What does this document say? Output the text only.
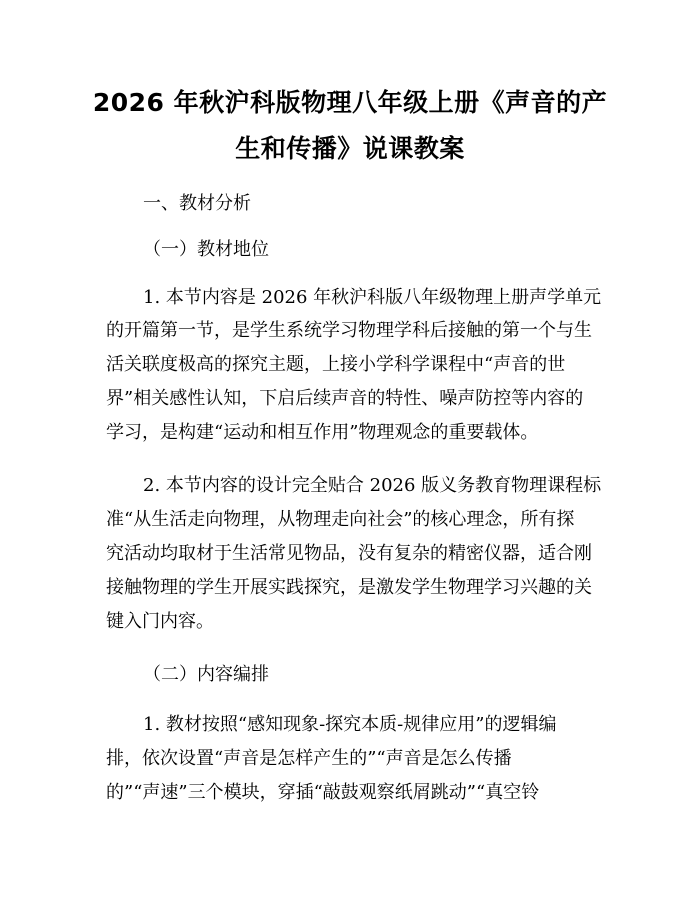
2026 年秋沪科版物理八年级上册《声音的产
生和传播》说课教案
一、教材分析
（一）教材地位
1. 本节内容是 2026 年秋沪科版八年级物理上册声学单元
的开篇第一节，是学生系统学习物理学科后接触的第一个与生
活关联度极高的探究主题，上接小学科学课程中“声音的世
界”相关感性认知，下启后续声音的特性、噪声防控等内容的
学习，是构建“运动和相互作用”物理观念的重要载体。
2. 本节内容的设计完全贴合 2026 版义务教育物理课程标
准“从生活走向物理，从物理走向社会”的核心理念，所有探
究活动均取材于生活常见物品，没有复杂的精密仪器，适合刚
接触物理的学生开展实践探究，是激发学生物理学习兴趣的关
键入门内容。
（二）内容编排
1. 教材按照“感知现象-探究本质-规律应用”的逻辑编
排，依次设置“声音是怎样产生的”“声音是怎么传播
的”“声速”三个模块，穿插“敲鼓观察纸屑跳动”“真空铃
